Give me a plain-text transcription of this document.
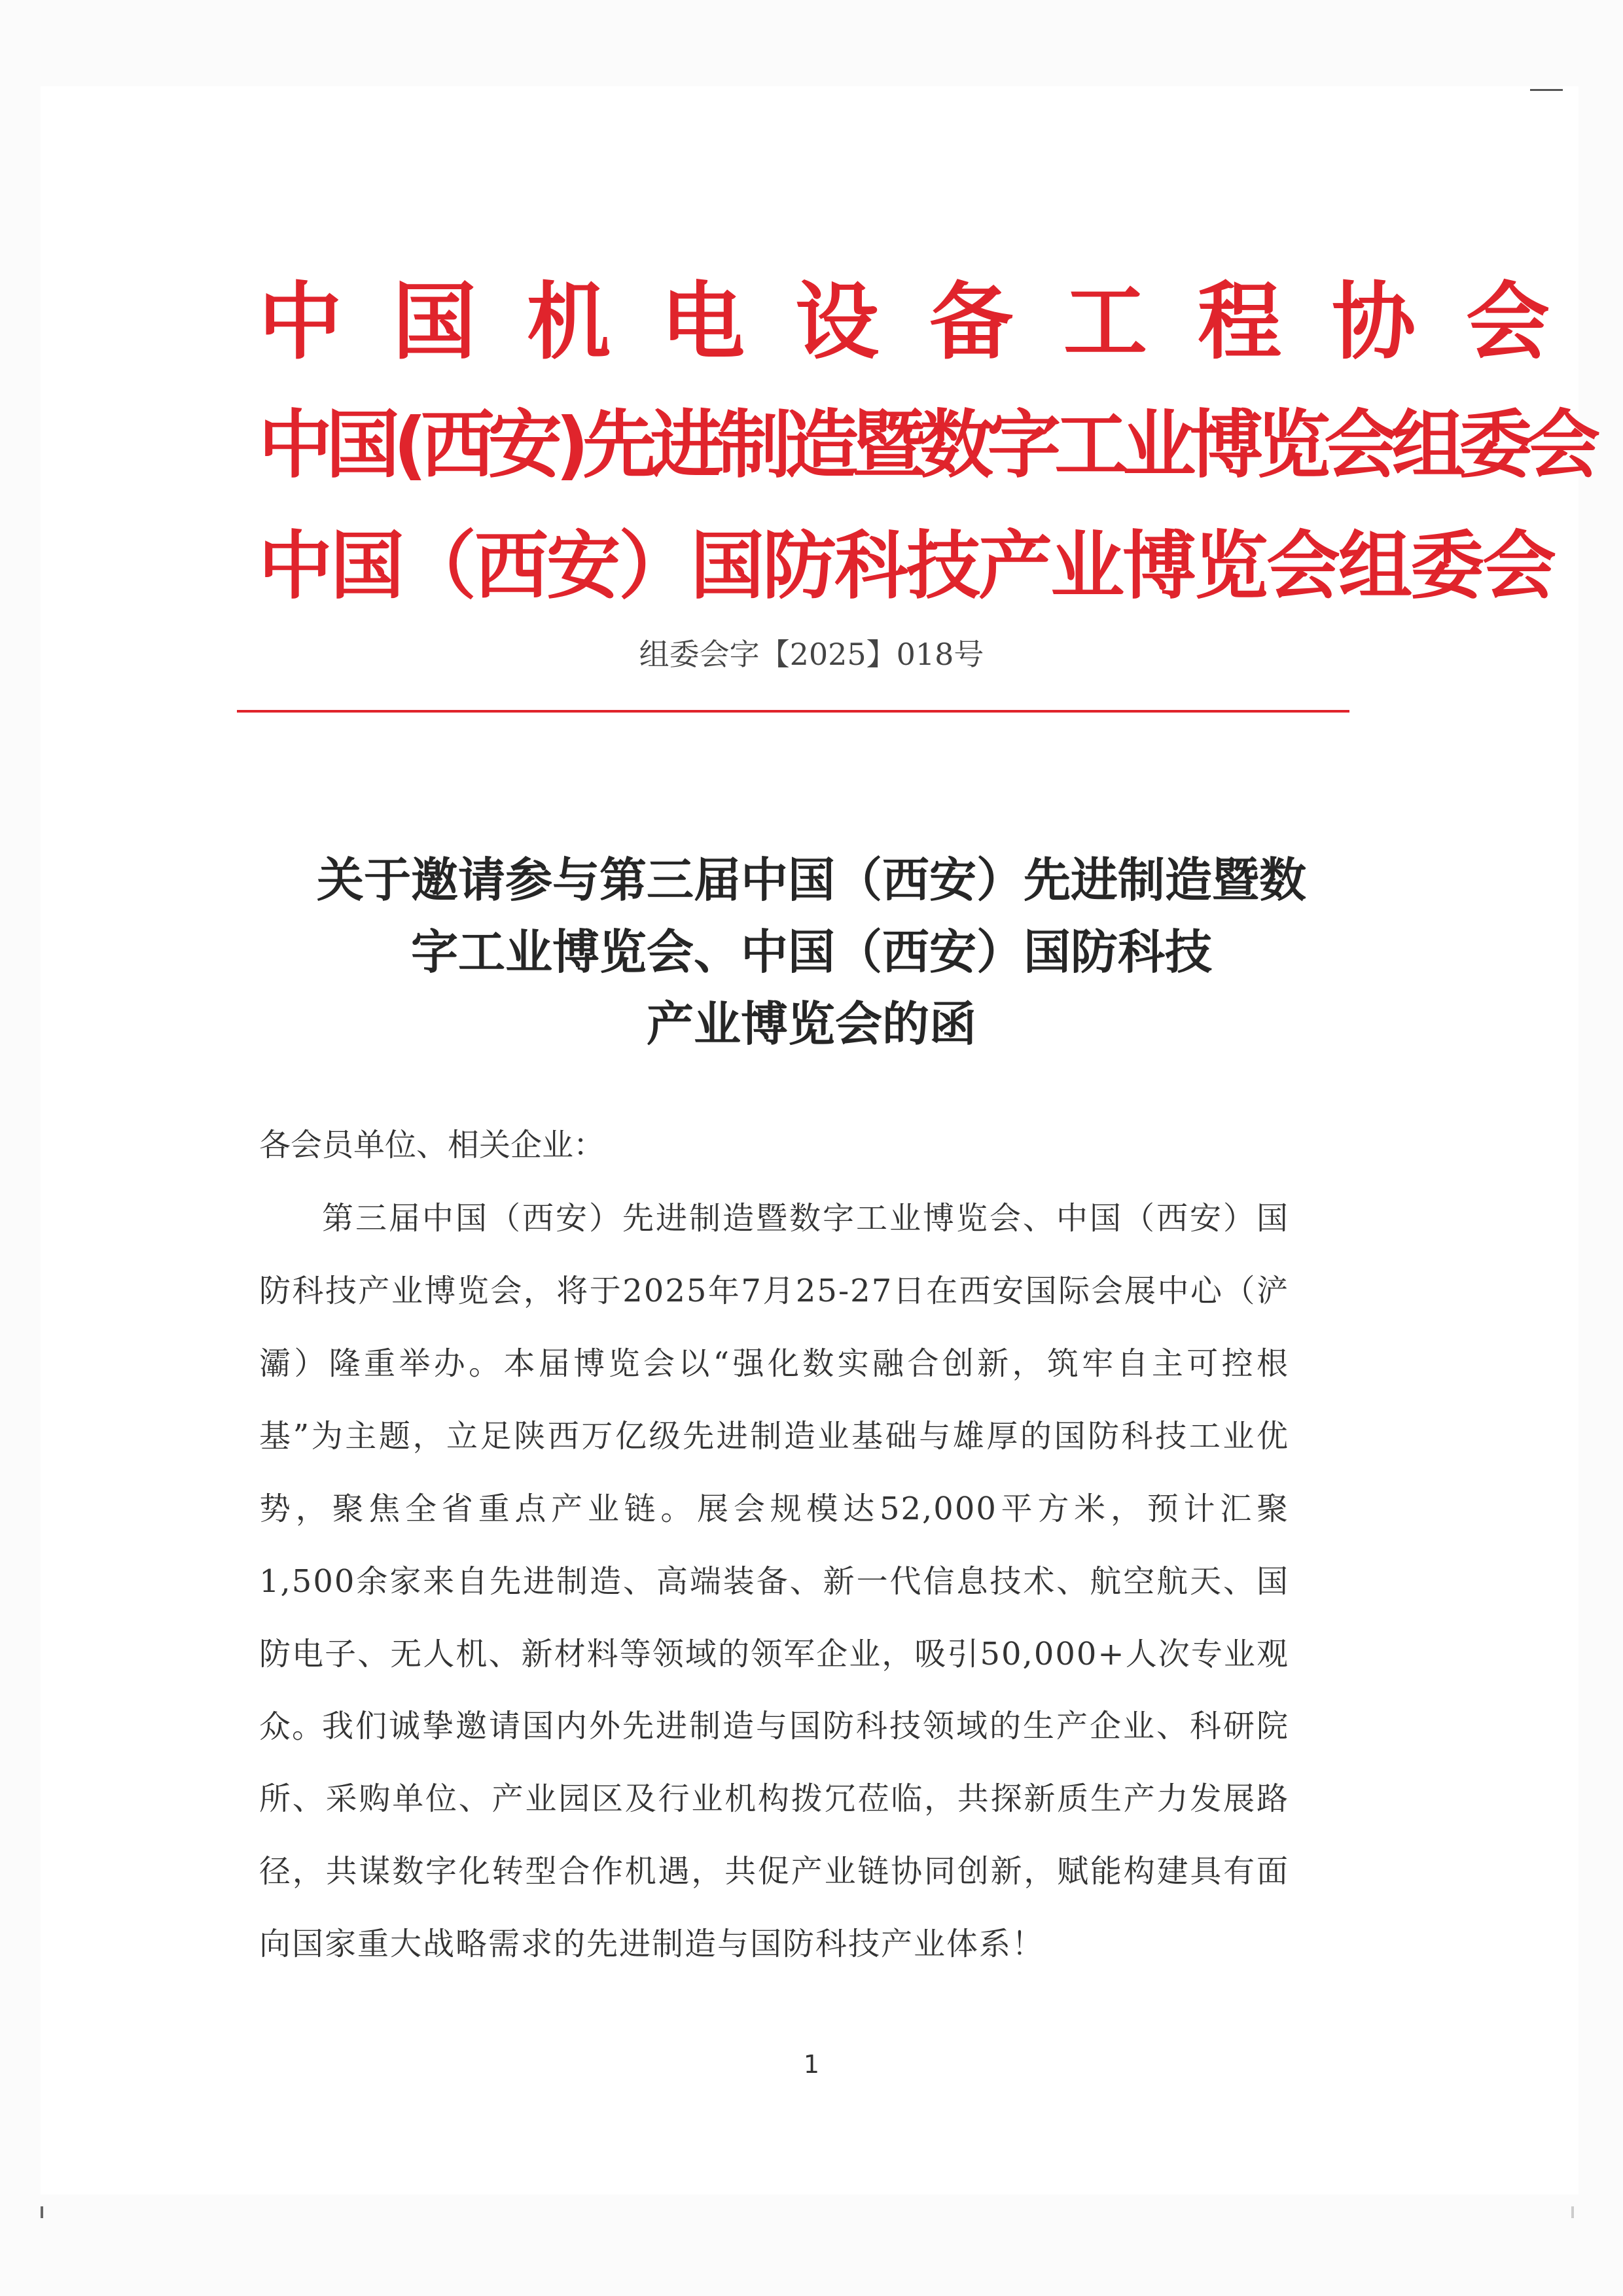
中国机电设备工程协会
中国(西安)先进制造暨数字工业博览会组委会
中国（西安）国防科技产业博览会组委会
组委会字【2025】018号
关于邀请参与第三届中国（西安）先进制造暨数
字工业博览会、中国（西安）国防科技
产业博览会的函
各会员单位、相关企业：
第三届中国（西安）先进制造暨数字工业博览会、中国（西安）国防科技产业博览会，将于2025年7月25-27日在西安国际会展中心（浐灞）隆重举办。本届博览会以“强化数实融合创新，筑牢自主可控根基”为主题，立足陕西万亿级先进制造业基础与雄厚的国防科技工业优势，聚焦全省重点产业链。展会规模达52,000平方米，预计汇聚1,500余家来自先进制造、高端装备、新一代信息技术、航空航天、国防电子、无人机、新材料等领域的领军企业，吸引50,000+人次专业观众。
我们诚挚邀请国内外先进制造与国防科技领域的生产企业、科研院所、采购单位、产业园区及行业机构拨冗莅临，共探新质生产力发展路径，共谋数字化转型合作机遇，共促产业链协同创新，赋能构建具有面向国家重大战略需求的先进制造与国防科技产业体系！
1
